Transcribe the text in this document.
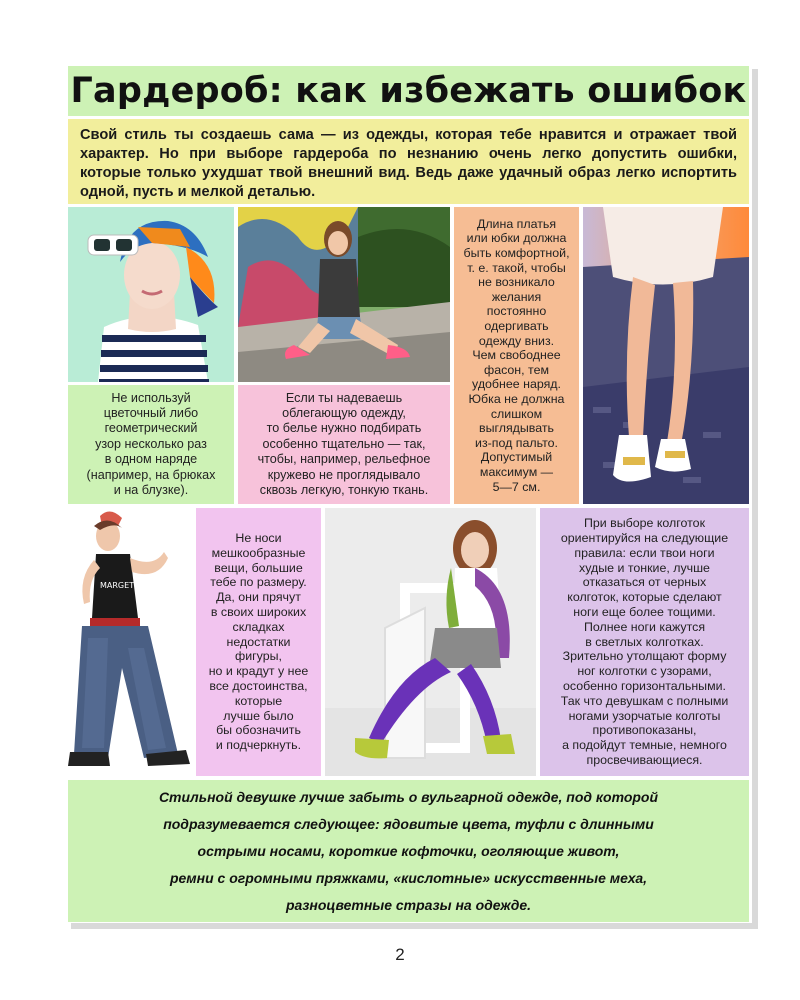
Гардероб: как избежать ошибок
Свой стиль ты создаешь сама — из одежды, которая тебе нравится и отражает твой характер. Но при выборе гардероба по незнанию очень легко допустить ошибки, которые только ухудшат твой внешний вид. Ведь даже удачный образ легко испортить одной, пусть и мелкой деталью.
Не используй
цветочный либо
геометрический
узор несколько раз
в одном наряде
(например, на брюках
и на блузке).
Если ты надеваешь
облегающую одежду,
то белье нужно подбирать
особенно тщательно — так,
чтобы, например, рельефное
кружево не проглядывало
сквозь легкую, тонкую ткань.
Длина платья
или юбки должна
быть комфортной,
т. е. такой, чтобы
не возникало
желания
постоянно
одергивать
одежду вниз.
Чем свободнее
фасон, тем
удобнее наряд.
Юбка не должна
слишком
выглядывать
из-под пальто.
Допустимый
максимум —
5—7 см.
MARGET
Не носи
мешкообразные
вещи, большие
тебе по размеру.
Да, они прячут
в своих широких
складках
недостатки
фигуры,
но и крадут у нее
все достоинства,
которые
лучше было
бы обозначить
и подчеркнуть.
При выборе колготок
ориентируйся на следующие
правила: если твои ноги
худые и тонкие, лучше
отказаться от черных
колготок, которые сделают
ноги еще более тощими.
Полнее ноги кажутся
в светлых колготках.
Зрительно утолщают форму
ног колготки с узорами,
особенно горизонтальными.
Так что девушкам с полными
ногами узорчатые колготы
противопоказаны,
а подойдут темные, немного
просвечивающиеся.
Стильной девушке лучше забыть о вульгарной одежде, под которой
подразумевается следующее: ядовитые цвета, туфли с длинными
острыми носами, короткие кофточки, оголяющие живот,
ремни с огромными пряжками, «кислотные» искусственные меха,
разноцветные стразы на одежде.
2
